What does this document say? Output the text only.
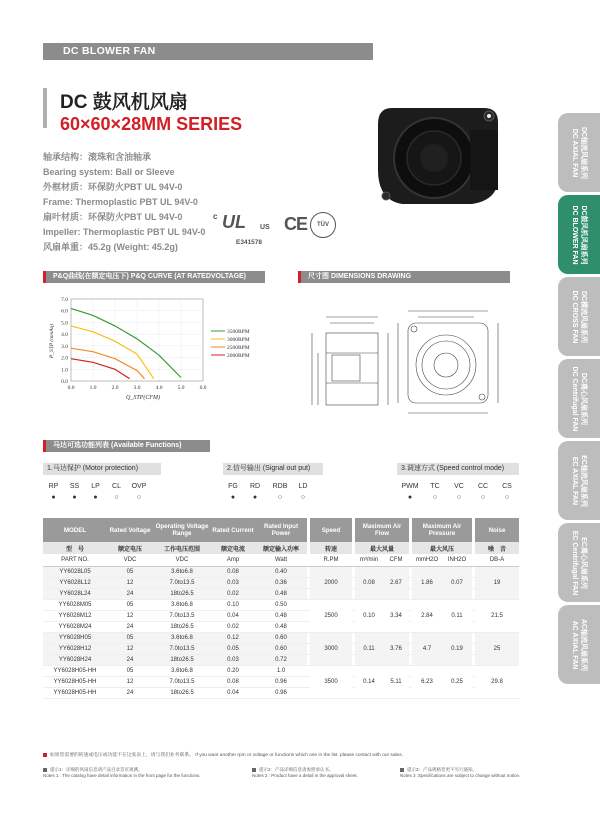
DC BLOWER FAN
DC 鼓风机风扇
60×60×28MM SERIES
轴承结构：滚珠和含油轴承
Bearing system: Ball or Sleeve
外框材质：环保防火PBT UL 94V-0
Frame: Thermoplastic PBT UL 94V-0
扇叶材质：环保防火PBT UL 94V-0
Impeller: Thermoplastic PBT UL 94V-0
风扇单重：45.2g (Weight: 45.2g)
c UL US
E341578
CE	TÜV
P&Q曲线(在额定电压下) P&Q CURVE (AT RATEDVOLTAGE)	尺寸图 DIMENSIONS DRAWING
0.0
1.0
2.0
3.0
4.0
5.0
6.0
7.0
0.0	1.0	2.0	3.0	4.0	5.0	6.0
3500RPM
3000RPM
2500RPM
2000RPM
Q_STP(CFM)
P_STP (mmAq)
马达可选功能列表 (Available Functions)
1.马达保护 (Motor protection)
RP	SS	LP	CL	OVP
●	●	●	○	○
2.信号输出 (Signal out put)
FG	RD	RDB	LD
●	●	○	○
3.调速方式 (Speed control mode)
PWM	TC	VC	CC	CS
●	○	○	○	○
MODEL	Rated Voltage	Operating Voltage Range	Rated Current	Rated Input Power		Speed		Maximum Air Flow			Maximum Air Pressure			Noise
型　号	额定电压	工作电压范围	额定电流	额定输入功率		转速		最大风量			最大风压			噪　音
PART NO.	VDC	VDC	Amp	Watt		R.PM		m³/min	CFM		mmH2O	INH2O		DB-A
YY6028L05	05	3.6to6.8	0.08	0.40		2000		0.08	2.67		1.86	0.07		19
YY6028L12	12	7.0to13.5	0.03	0.36										
YY6028L24	24	18to26.5	0.02	0.48										
YY6028M05	05	3.6to6.8	0.10	0.50		2500		0.10	3.34		2.84	0.11		21.5
YY6028M12	12	7.0to13.5	0.04	0.48										
YY6028M24	24	18to26.5	0.02	0.48										
YY6028H05	05	3.6to6.8	0.12	0.60		3000		0.11	3.76		4.7	0.19		25
YY6028H12	12	7.0to13.5	0.05	0.60										
YY6028H24	24	18to26.5	0.03	0.72										
YY6028H05-HH	05	3.6to6.8	0.20	1.0		3500		0.14	5.11		6.23	0.25		29.8
YY6028H05-HH	12	7.0to13.5	0.08	0.96										
YY6028H05-HH	24	18to26.5	0.04	0.96										
如果您需要的转速或电压或功能不在这张表上，请与我们业务联系。 If you want another rpm or voltage or functions which one in the list. please contact with our sales.
提示1：详细的风扇信息请产品目录首页观测。
Notes 1 : The catalog have detail information in the front page for the functions.
提示2：产品详细信息请参照承认书。
Notes 2 : Product have a detail in the approval sheet.
提示3：产品规格变更不另行通知。
Notes 3 :Specifications are subject to change without notice.
DC轴流风扇系列
DC AXIAL FAN
DC鼓风机风扇系列
DC BLOWER FAN
DC横流风扇系列
DC CROSS FAN
DC离心风扇系列
DC Centrifugal FAN
EC轴流风扇系列
EC AXIAL FAN
EC离心风扇系列
EC Centrifugal FAN
AC轴流风扇系列
AC AXIAL FAN
